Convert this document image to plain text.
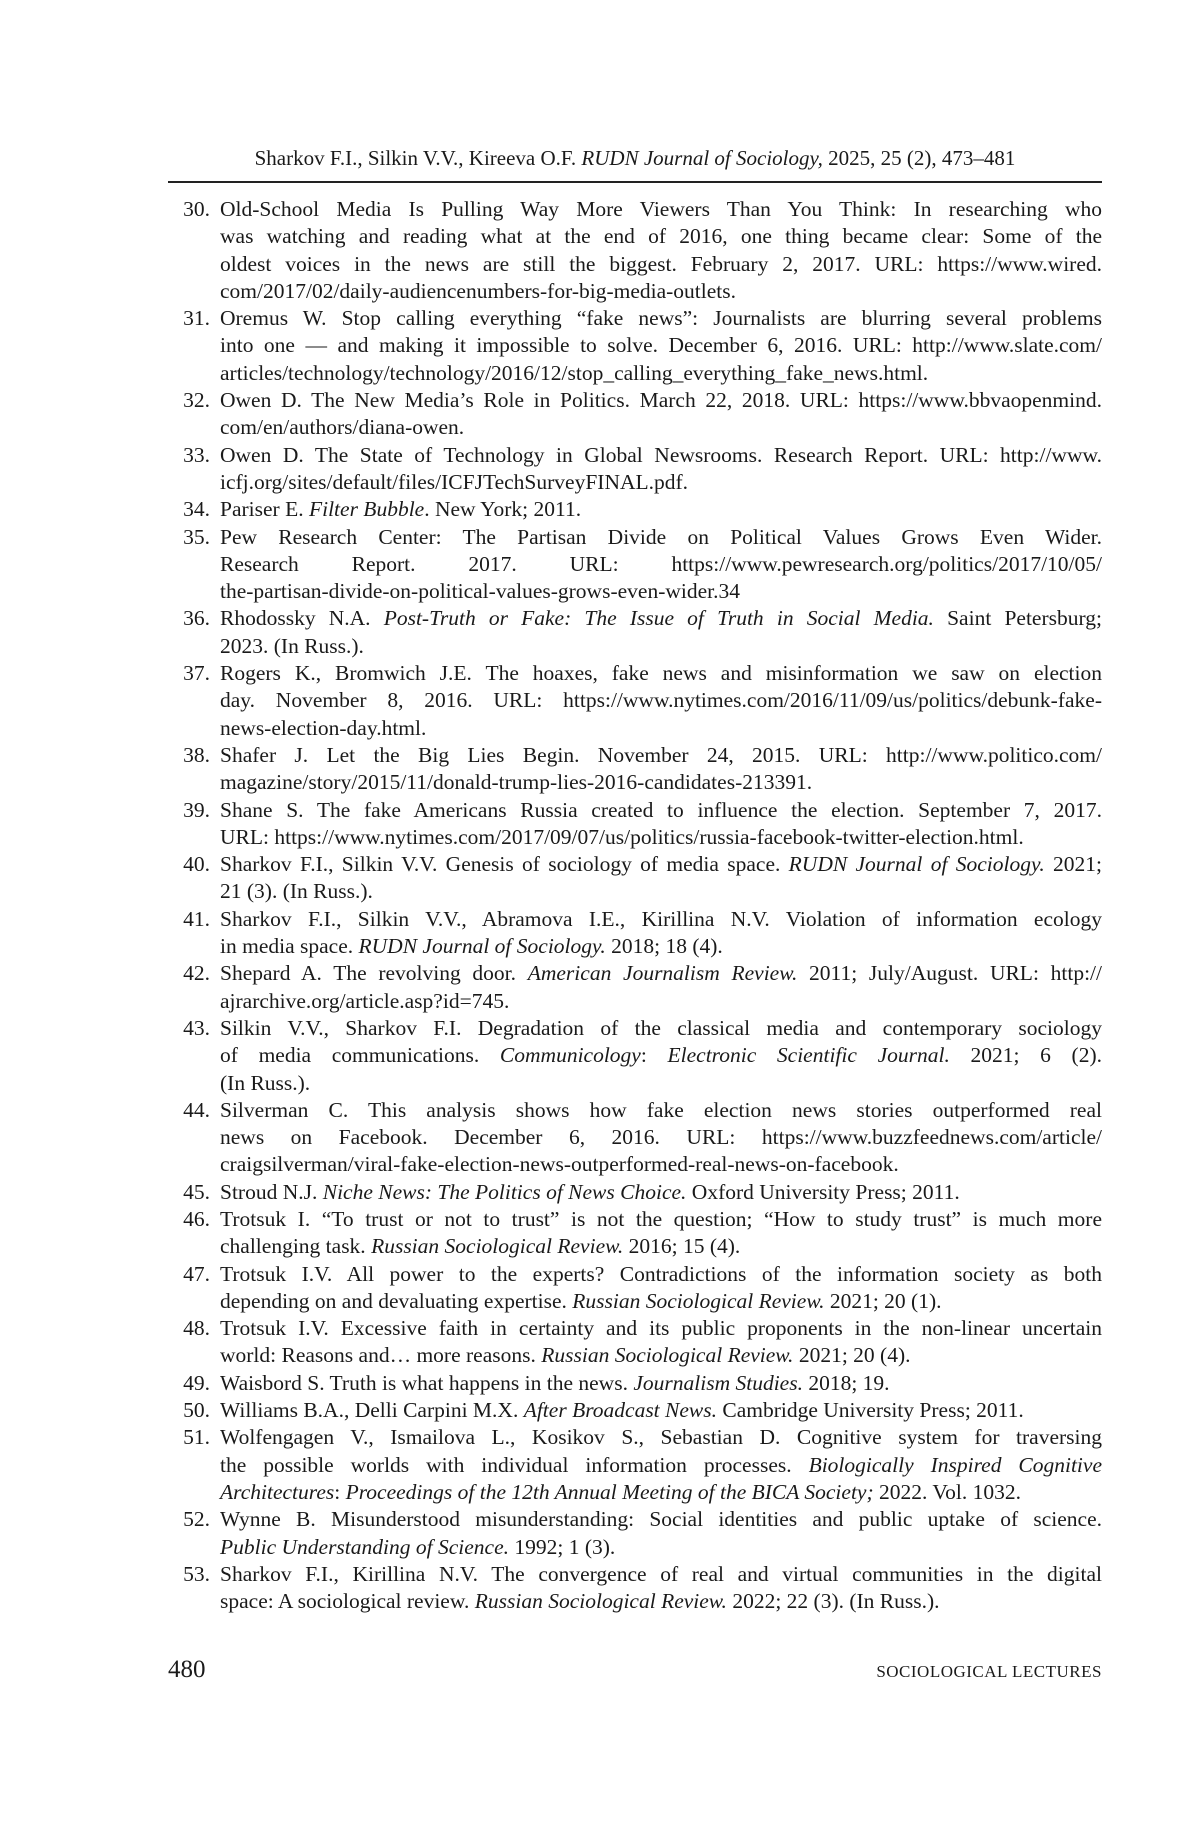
Sharkov F.I., Silkin V.V., Kireeva O.F. RUDN Journal of Sociology, 2025, 25 (2), 473–481
30. Old-School Media Is Pulling Way More Viewers Than You Think: In researching who
was watching and reading what at the end of 2016, one thing became clear: Some of the
oldest voices in the news are still the biggest. February 2, 2017. URL: https://www.wired.
com/2017/02/daily-audiencenumbers-for-big-media-outlets.
31. Oremus W. Stop calling everything “fake news”: Journalists are blurring several problems
into one — and making it impossible to solve. December 6, 2016. URL: http://www.slate.com/
articles/technology/technology/2016/12/stop_calling_everything_fake_news.html.
32. Owen D. The New Media’s Role in Politics. March 22, 2018. URL: https://www.bbvaopenmind.
com/en/authors/diana-owen.
33. Owen D. The State of Technology in Global Newsrooms. Research Report. URL: http://www.
icfj.org/sites/default/files/ICFJTechSurveyFINAL.pdf.
34. Pariser E. Filter Bubble. New York; 2011.
35. Pew Research Center: The Partisan Divide on Political Values Grows Even Wider.
Research Report. 2017. URL: https://www.pewresearch.org/politics/2017/10/05/
the-partisan-divide-on-political-values-grows-even-wider.34
36. Rhodossky N.A. Post-Truth or Fake: The Issue of Truth in Social Media. Saint Petersburg;
2023. (In Russ.).
37. Rogers K., Bromwich J.E. The hoaxes, fake news and misinformation we saw on election
day. November 8, 2016. URL: https://www.nytimes.com/2016/11/09/us/politics/debunk-fake-
news-election-day.html.
38. Shafer J. Let the Big Lies Begin. November 24, 2015. URL: http://www.politico.com/
magazine/story/2015/11/donald-trump-lies-2016-candidates-213391.
39. Shane S. The fake Americans Russia created to influence the election. September 7, 2017.
URL: https://www.nytimes.com/2017/09/07/us/politics/russia-facebook-twitter-election.html.
40. Sharkov F.I., Silkin V.V. Genesis of sociology of media space. RUDN Journal of Sociology. 2021;
21 (3). (In Russ.).
41. Sharkov F.I., Silkin V.V., Abramova I.E., Kirillina N.V. Violation of information ecology
in media space. RUDN Journal of Sociology. 2018; 18 (4).
42. Shepard A. The revolving door. American Journalism Review. 2011; July/August. URL: http://
ajrarchive.org/article.asp?id=745.
43. Silkin V.V., Sharkov F.I. Degradation of the classical media and contemporary sociology
of media communications. Communicology: Electronic Scientific Journal. 2021; 6 (2).
(In Russ.).
44. Silverman C. This analysis shows how fake election news stories outperformed real
news on Facebook. December 6, 2016. URL: https://www.buzzfeednews.com/article/
craigsilverman/viral-fake-election-news-outperformed-real-news-on-facebook.
45. Stroud N.J. Niche News: The Politics of News Choice. Oxford University Press; 2011.
46. Trotsuk I. “To trust or not to trust” is not the question; “How to study trust” is much more
challenging task. Russian Sociological Review. 2016; 15 (4).
47. Trotsuk I.V. All power to the experts? Contradictions of the information society as both
depending on and devaluating expertise. Russian Sociological Review. 2021; 20 (1).
48. Trotsuk I.V. Excessive faith in certainty and its public proponents in the non-linear uncertain
world: Reasons and… more reasons. Russian Sociological Review. 2021; 20 (4).
49. Waisbord S. Truth is what happens in the news. Journalism Studies. 2018; 19.
50. Williams B.A., Delli Carpini M.X. After Broadcast News. Cambridge University Press; 2011.
51. Wolfengagen V., Ismailova L., Kosikov S., Sebastian D. Cognitive system for traversing
the possible worlds with individual information processes. Biologically Inspired Cognitive
Architectures: Proceedings of the 12th Annual Meeting of the BICA Society; 2022. Vol. 1032.
52. Wynne B. Misunderstood misunderstanding: Social identities and public uptake of science.
Public Understanding of Science. 1992; 1 (3).
53. Sharkov F.I., Kirillina N.V. The convergence of real and virtual communities in the digital
space: A sociological review. Russian Sociological Review. 2022; 22 (3). (In Russ.).
480	SOCIOLOGICAL LECTURES
